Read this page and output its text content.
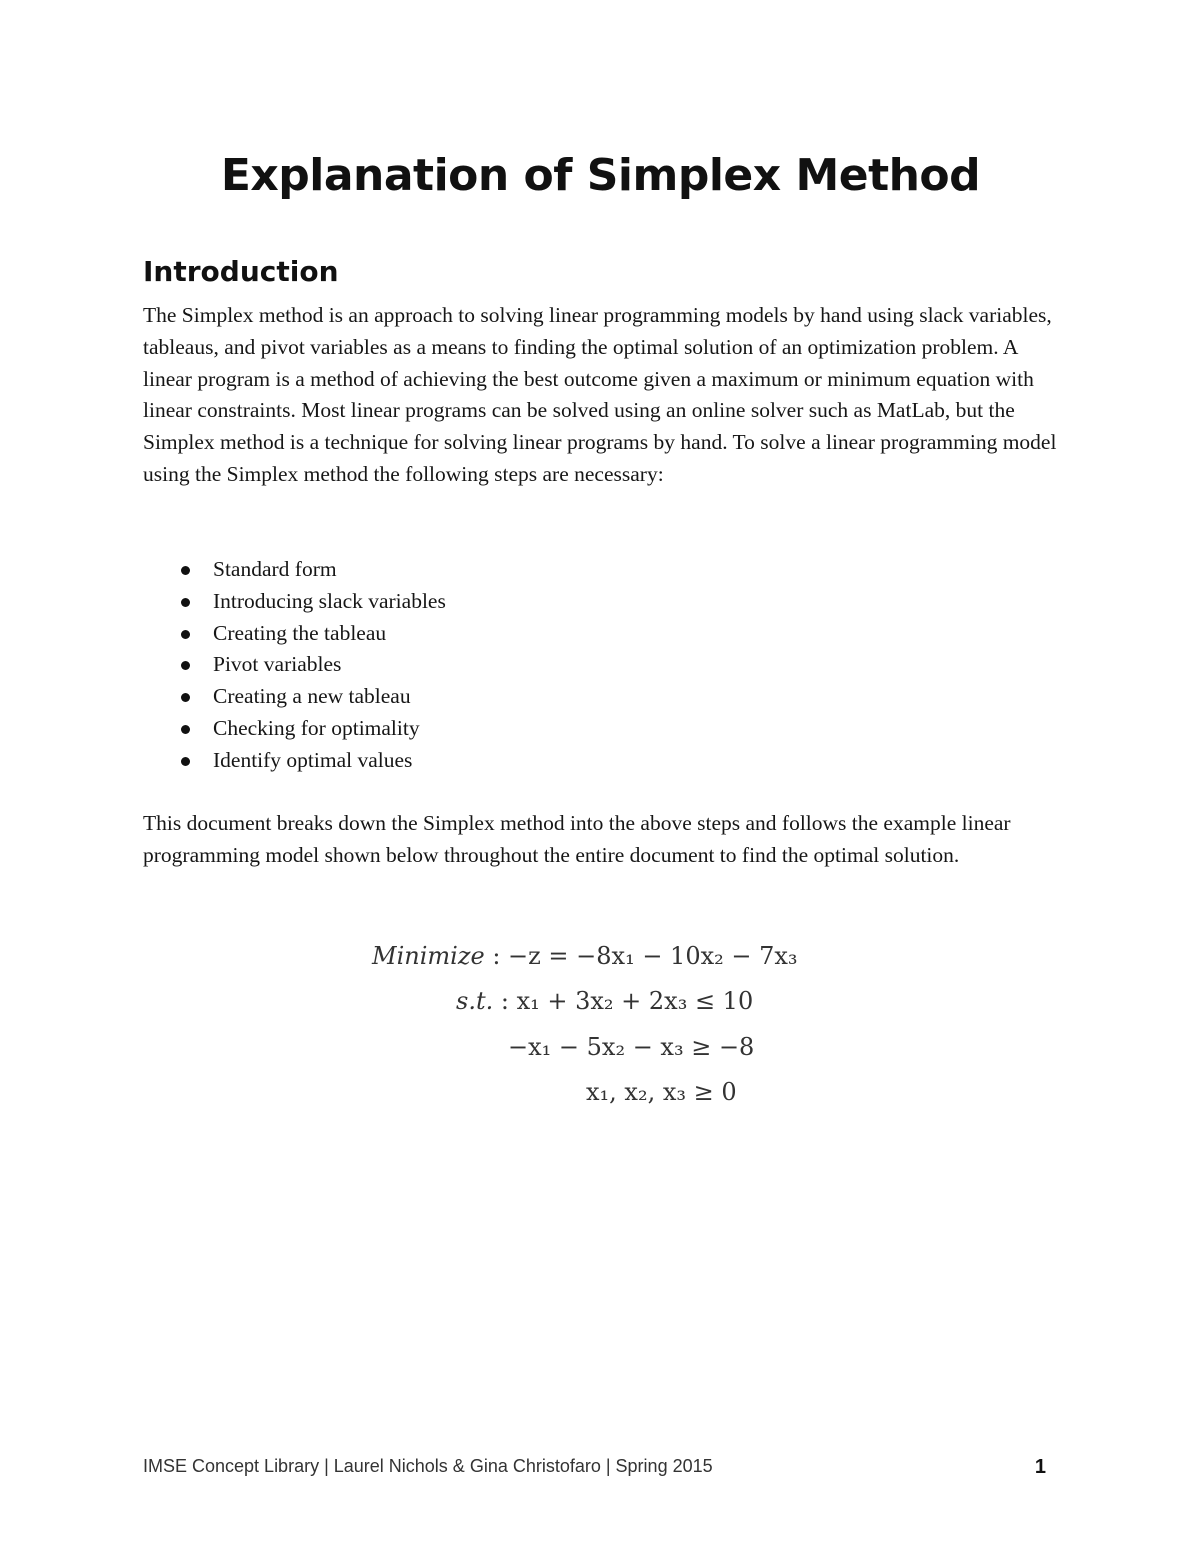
Explanation of Simplex Method
Introduction

The Simplex method is an approach to solving linear programming models by hand using slack variables, tableaus, and pivot variables as a means to finding the optimal solution of an optimization problem. A linear program is a method of achieving the best outcome given a maximum or minimum equation with linear constraints. Most linear programs can be solved using an online solver such as MatLab, but the Simplex method is a technique for solving linear programs by hand. To solve a linear programming model using the Simplex method the following steps are necessary:

Standard form
Introducing slack variables
Creating the tableau
Pivot variables
Creating a new tableau
Checking for optimality
Identify optimal values

This document breaks down the Simplex method into the above steps and follows the example linear programming model shown below throughout the entire document to find the optimal solution.

Minimize : −z = −8x₁ − 10x₂ − 7x₃
s.t. : x₁ + 3x₂ + 2x₃ ≤ 10
−x₁ − 5x₂ − x₃ ≥ −8
x₁, x₂, x₃ ≥ 0
IMSE Concept Library | Laurel Nichols & Gina Christofaro | Spring 2015	1
